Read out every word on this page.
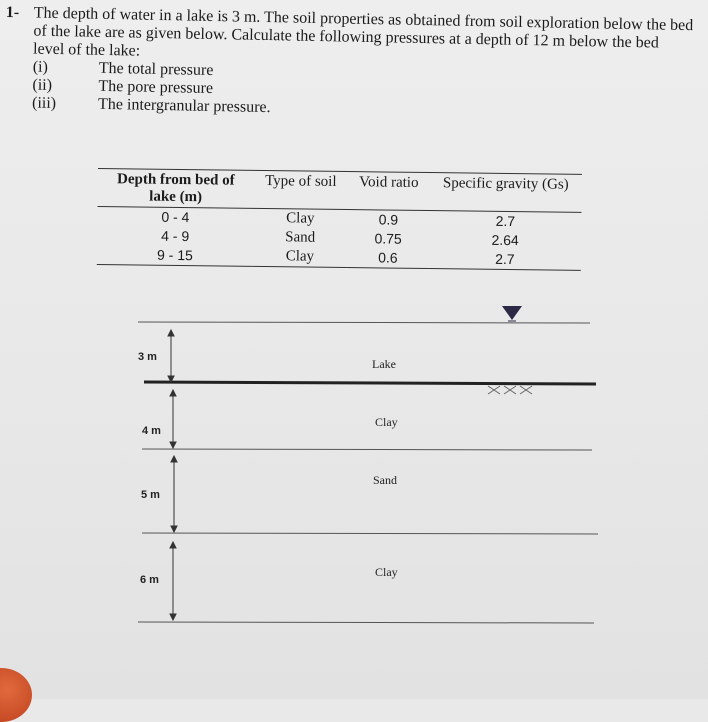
1- The depth of water in a lake is 3 m. The soil properties as obtained from soil exploration below the bed of the lake are as given below. Calculate the following pressures at a depth of 12 m below the bed level of the lake:
(i)	The total pressure
(ii)	The pore pressure
(iii)	The intergranular pressure.
Depth from bed of lake (m)	Type of soil	Void ratio	Specific gravity (Gs)
0 - 4	Clay	0.9	2.7
4 - 9	Sand	0.75	2.64
9 - 15	Clay	0.6	2.7
3 m
4 m
5 m
6 m
Lake
Clay
Sand
Clay
